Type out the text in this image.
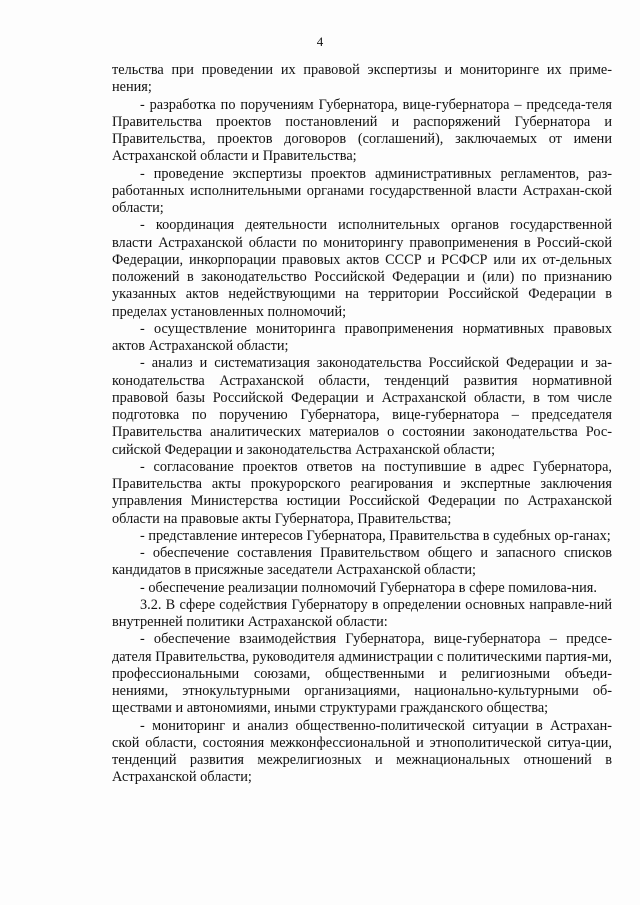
4

тельства при проведении их правовой экспертизы и мониторинге их приме-нения;

- разработка по поручениям Губернатора, вице-губернатора – председа-теля Правительства проектов постановлений и распоряжений Губернатора и Правительства, проектов договоров (соглашений), заключаемых от имени Астраханской области и Правительства;

- проведение экспертизы проектов административных регламентов, раз-работанных исполнительными органами государственной власти Астрахан-ской области;

- координация деятельности исполнительных органов государственной власти Астраханской области по мониторингу правоприменения в Россий-ской Федерации, инкорпорации правовых актов СССР и РСФСР или их от-дельных положений в законодательство Российской Федерации и (или) по признанию указанных актов недействующими на территории Российской Федерации в пределах установленных полномочий;

- осуществление мониторинга правоприменения нормативных правовых актов Астраханской области;

- анализ и систематизация законодательства Российской Федерации и за-конодательства Астраханской области, тенденций развития нормативной правовой базы Российской Федерации и Астраханской области, в том числе подготовка по поручению Губернатора, вице-губернатора – председателя Правительства аналитических материалов о состоянии законодательства Рос-сийской Федерации и законодательства Астраханской области;

- согласование проектов ответов на поступившие в адрес Губернатора, Правительства акты прокурорского реагирования и экспертные заключения управления Министерства юстиции Российской Федерации по Астраханской области на правовые акты Губернатора, Правительства;

- представление интересов Губернатора, Правительства в судебных ор-ганах;

- обеспечение составления Правительством общего и запасного списков кандидатов в присяжные заседатели Астраханской области;

- обеспечение реализации полномочий Губернатора в сфере помилова-ния.

3.2. В сфере содействия Губернатору в определении основных направле-ний внутренней политики Астраханской области:

- обеспечение взаимодействия Губернатора, вице-губернатора – предсе-дателя Правительства, руководителя администрации с политическими партия-ми, профессиональными союзами, общественными и религиозными объеди-нениями, этнокультурными организациями, национально-культурными об-ществами и автономиями, иными структурами гражданского общества;

- мониторинг и анализ общественно-политической ситуации в Астрахан-ской области, состояния межконфессиональной и этнополитической ситуа-ции, тенденций развития межрелигиозных и межнациональных отношений в Астраханской области;
